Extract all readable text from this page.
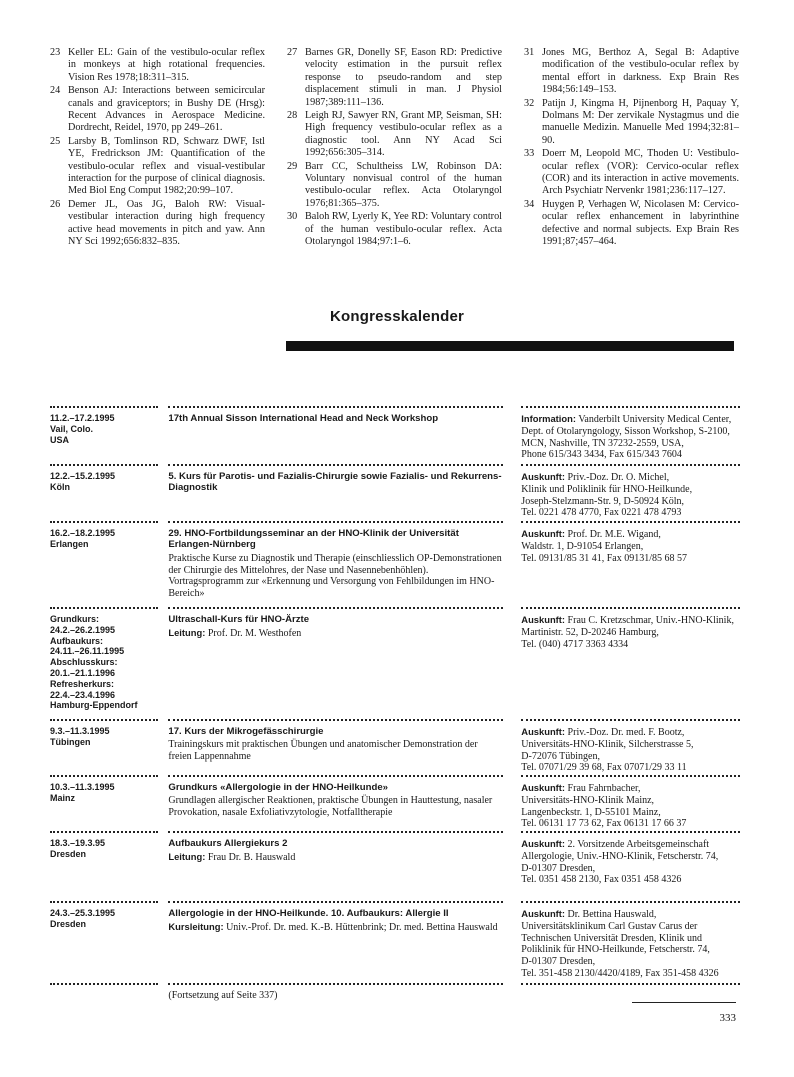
23 Keller EL: Gain of the vestibulo-ocular reflex in monkeys at high rotational frequencies. Vision Res 1978;18:311–315.
24 Benson AJ: Interactions between semicircular canals and graviceptors; in Bushy DE (Hrsg): Recent Advances in Aerospace Medicine. Dordrecht, Reidel, 1970, pp 249–261.
25 Larsby B, Tomlinson RD, Schwarz DWF, Istl YE, Fredrickson JM: Quantification of the vestibulo-ocular reflex and visual-vestibular interaction for the purpose of clinical diagnosis. Med Biol Eng Comput 1982;20:99–107.
26 Demer JL, Oas JG, Baloh RW: Visual-vestibular interaction during high frequency active head movements in pitch and yaw. Ann NY Sci 1992;656:832–835.
27 Barnes GR, Donelly SF, Eason RD: Predictive velocity estimation in the pursuit reflex response to pseudo-random and step displacement stimuli in man. J Physiol 1987;389:111–136.
28 Leigh RJ, Sawyer RN, Grant MP, Seisman, SH: High frequency vestibulo-ocular reflex as a diagnostic tool. Ann NY Acad Sci 1992;656:305–314.
29 Barr CC, Schultheiss LW, Robinson DA: Voluntary nonvisual control of the human vestibulo-ocular reflex. Acta Otolaryngol 1976;81:365–375.
30 Baloh RW, Lyerly K, Yee RD: Voluntary control of the human vestibulo-ocular reflex. Acta Otolaryngol 1984;97:1–6.
31 Jones MG, Berthoz A, Segal B: Adaptive modification of the vestibulo-ocular reflex by mental effort in darkness. Exp Brain Res 1984;56:149–153.
32 Patijn J, Kingma H, Pijnenborg H, Paquay Y, Dolmans M: Der zervikale Nystagmus und die manuelle Medizin. Manuelle Med 1994;32:81–90.
33 Doerr M, Leopold MC, Thoden U: Vestibulo-ocular reflex (VOR): Cervico-ocular reflex (COR) and its interaction in active movements. Arch Psychiatr Nervenkr 1981;236:117–127.
34 Huygen P, Verhagen W, Nicolasen M: Cervico-ocular reflex enhancement in labyrinthine defective and normal subjects. Exp Brain Res 1991;87;457–464.
Kongresskalender
11.2.–17.2.1995
Vail, Colo.
USA
17th Annual Sisson International Head and Neck Workshop	Information: Vanderbilt University Medical Center,
Dept. of Otolaryngology, Sisson Workshop, S-2100,
MCN, Nashville, TN 37232-2559, USA,
Phone 615/343 3434, Fax 615/343 7604
12.2.–15.2.1995
Köln
5. Kurs für Parotis- und Fazialis-Chirurgie sowie Fazialis- und Rekurrens-Diagnostik
Auskunft: Priv.-Doz. Dr. O. Michel,
Klinik und Poliklinik für HNO-Heilkunde,
Joseph-Stelzmann-Str. 9, D-50924 Köln,
Tel. 0221 478 4770, Fax 0221 478 4793
16.2.–18.2.1995
Erlangen
29. HNO-Fortbildungsseminar an der HNO-Klinik der Universität Erlangen-Nürnberg
Praktische Kurse zu Diagnostik und Therapie (einschliesslich OP-Demonstrationen der Chirurgie des Mittelohres, der Nase und Nasennebenhöhlen). Vortragsprogramm zur «Erkennung und Versorgung von Fehlbildungen im HNO-Bereich»
Auskunft: Prof. Dr. M.E. Wigand,
Waldstr. 1, D-91054 Erlangen,
Tel. 09131/85 31 41, Fax 09131/85 68 57
Grundkurs:
24.2.–26.2.1995
Aufbaukurs:
24.11.–26.11.1995
Abschlusskurs:
20.1.–21.1.1996
Refresherkurs:
22.4.–23.4.1996
Hamburg-Eppendorf
Ultraschall-Kurs für HNO-Ärzte
Leitung: Prof. Dr. M. Westhofen
Auskunft: Frau C. Kretzschmar, Univ.-HNO-Klinik,
Martinistr. 52, D-20246 Hamburg,
Tel. (040) 4717 3363 4334
9.3.–11.3.1995
Tübingen
17. Kurs der Mikrogefässchirurgie
Trainingskurs mit praktischen Übungen und anatomischer Demonstration der freien Lappennahme
Auskunft: Priv.-Doz. Dr. med. F. Bootz,
Universitäts-HNO-Klinik, Silcherstrasse 5,
D-72076 Tübingen,
Tel. 07071/29 39 68, Fax 07071/29 33 11
10.3.–11.3.1995
Mainz
Grundkurs «Allergologie in der HNO-Heilkunde»
Grundlagen allergischer Reaktionen, praktische Übungen in Hauttestung, nasaler Provokation, nasale Exfoliativzytologie, Notfalltherapie
Auskunft: Frau Fahrnbacher,
Universitäts-HNO-Klinik Mainz,
Langenbeckstr. 1, D-55101 Mainz,
Tel. 06131 17 73 62, Fax 06131 17 66 37
18.3.–19.3.95
Dresden
Aufbaukurs Allergiekurs 2
Leitung: Frau Dr. B. Hauswald
Auskunft: 2. Vorsitzende Arbeitsgemeinschaft
Allergologie, Univ.-HNO-Klinik, Fetscherstr. 74,
D-01307 Dresden,
Tel. 0351 458 2130, Fax 0351 458 4326
24.3.–25.3.1995
Dresden
Allergologie in der HNO-Heilkunde. 10. Aufbaukurs: Allergie II
Kursleitung: Univ.-Prof. Dr. med. K.-B. Hüttenbrink; Dr. med. Bettina Hauswald
Auskunft: Dr. Bettina Hauswald,
Universitätsklinikum Carl Gustav Carus der
Technischen Universität Dresden, Klinik und
Poliklinik für HNO-Heilkunde, Fetscherstr. 74,
D-01307 Dresden,
Tel. 351-458 2130/4420/4189, Fax 351-458 4326
(Fortsetzung auf Seite 337)
333
